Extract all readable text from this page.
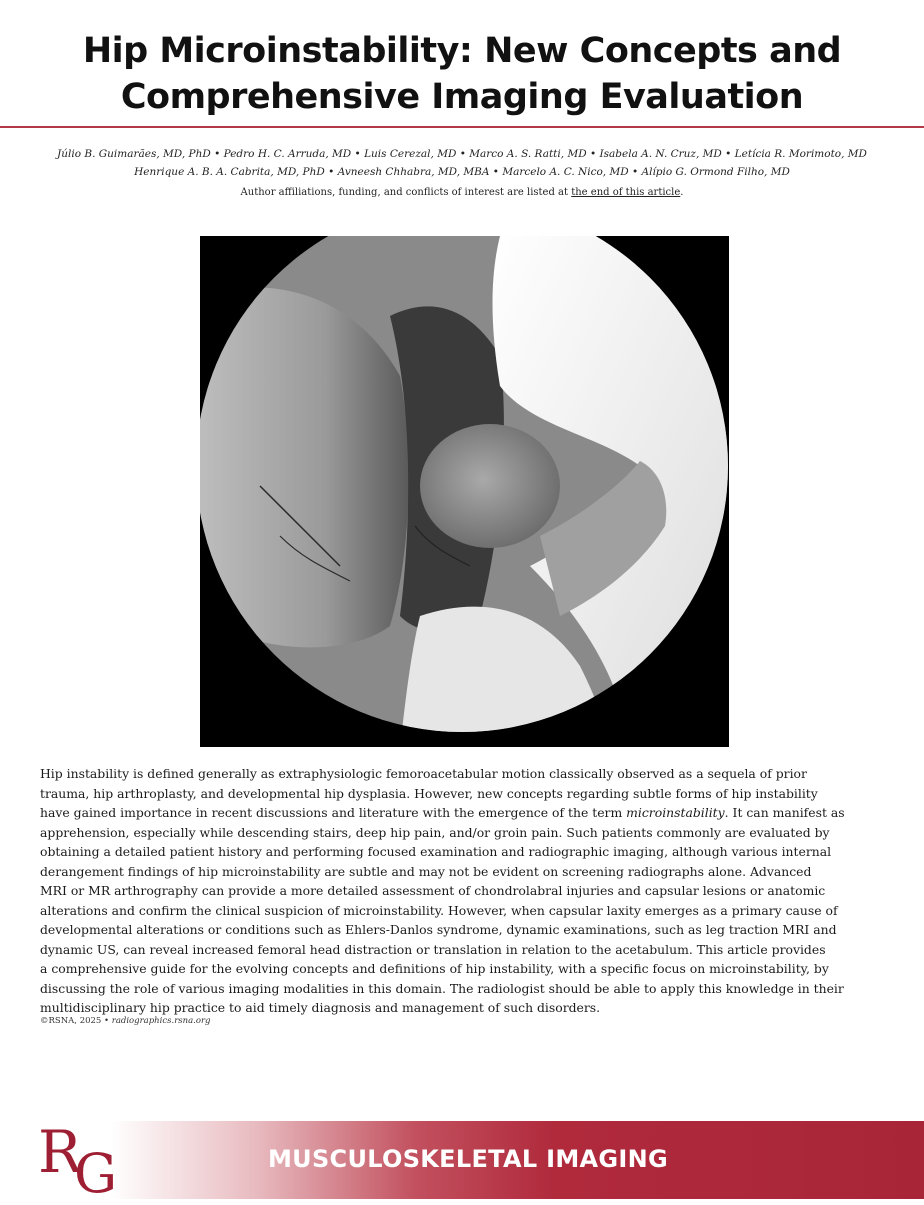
Hip Microinstability: New Concepts and
Comprehensive Imaging Evaluation
Júlio B. Guimarães, MD, PhD • Pedro H. C. Arruda, MD • Luis Cerezal, MD • Marco A. S. Ratti, MD • Isabela A. N. Cruz, MD • Letícia R. Morimoto, MD
Henrique A. B. A. Cabrita, MD, PhD • Avneesh Chhabra, MD, MBA • Marcelo A. C. Nico, MD • Alípio G. Ormond Filho, MD
Author affiliations, funding, and conflicts of interest are listed at the end of this article.
Hip instability is defined generally as extraphysiologic femoroacetabular motion classically observed as a sequela of prior
trauma, hip arthroplasty, and developmental hip dysplasia. However, new concepts regarding subtle forms of hip instability
have gained importance in recent discussions and literature with the emergence of the term microinstability. It can manifest as
apprehension, especially while descending stairs, deep hip pain, and/or groin pain. Such patients commonly are evaluated by
obtaining a detailed patient history and performing focused examination and radiographic imaging, although various internal
derangement findings of hip microinstability are subtle and may not be evident on screening radiographs alone. Advanced
MRI or MR arthrography can provide a more detailed assessment of chondrolabral injuries and capsular lesions or anatomic
alterations and confirm the clinical suspicion of microinstability. However, when capsular laxity emerges as a primary cause of
developmental alterations or conditions such as Ehlers-Danlos syndrome, dynamic examinations, such as leg traction MRI and
dynamic US, can reveal increased femoral head distraction or translation in relation to the acetabulum. This article provides
a comprehensive guide for the evolving concepts and definitions of hip instability, with a specific focus on microinstability, by
discussing the role of various imaging modalities in this domain. The radiologist should be able to apply this knowledge in their
multidisciplinary hip practice to aid timely diagnosis and management of such disorders.
©RSNA, 2025 • radiographics.rsna.org
R
G	MUSCULOSKELETAL IMAGING
